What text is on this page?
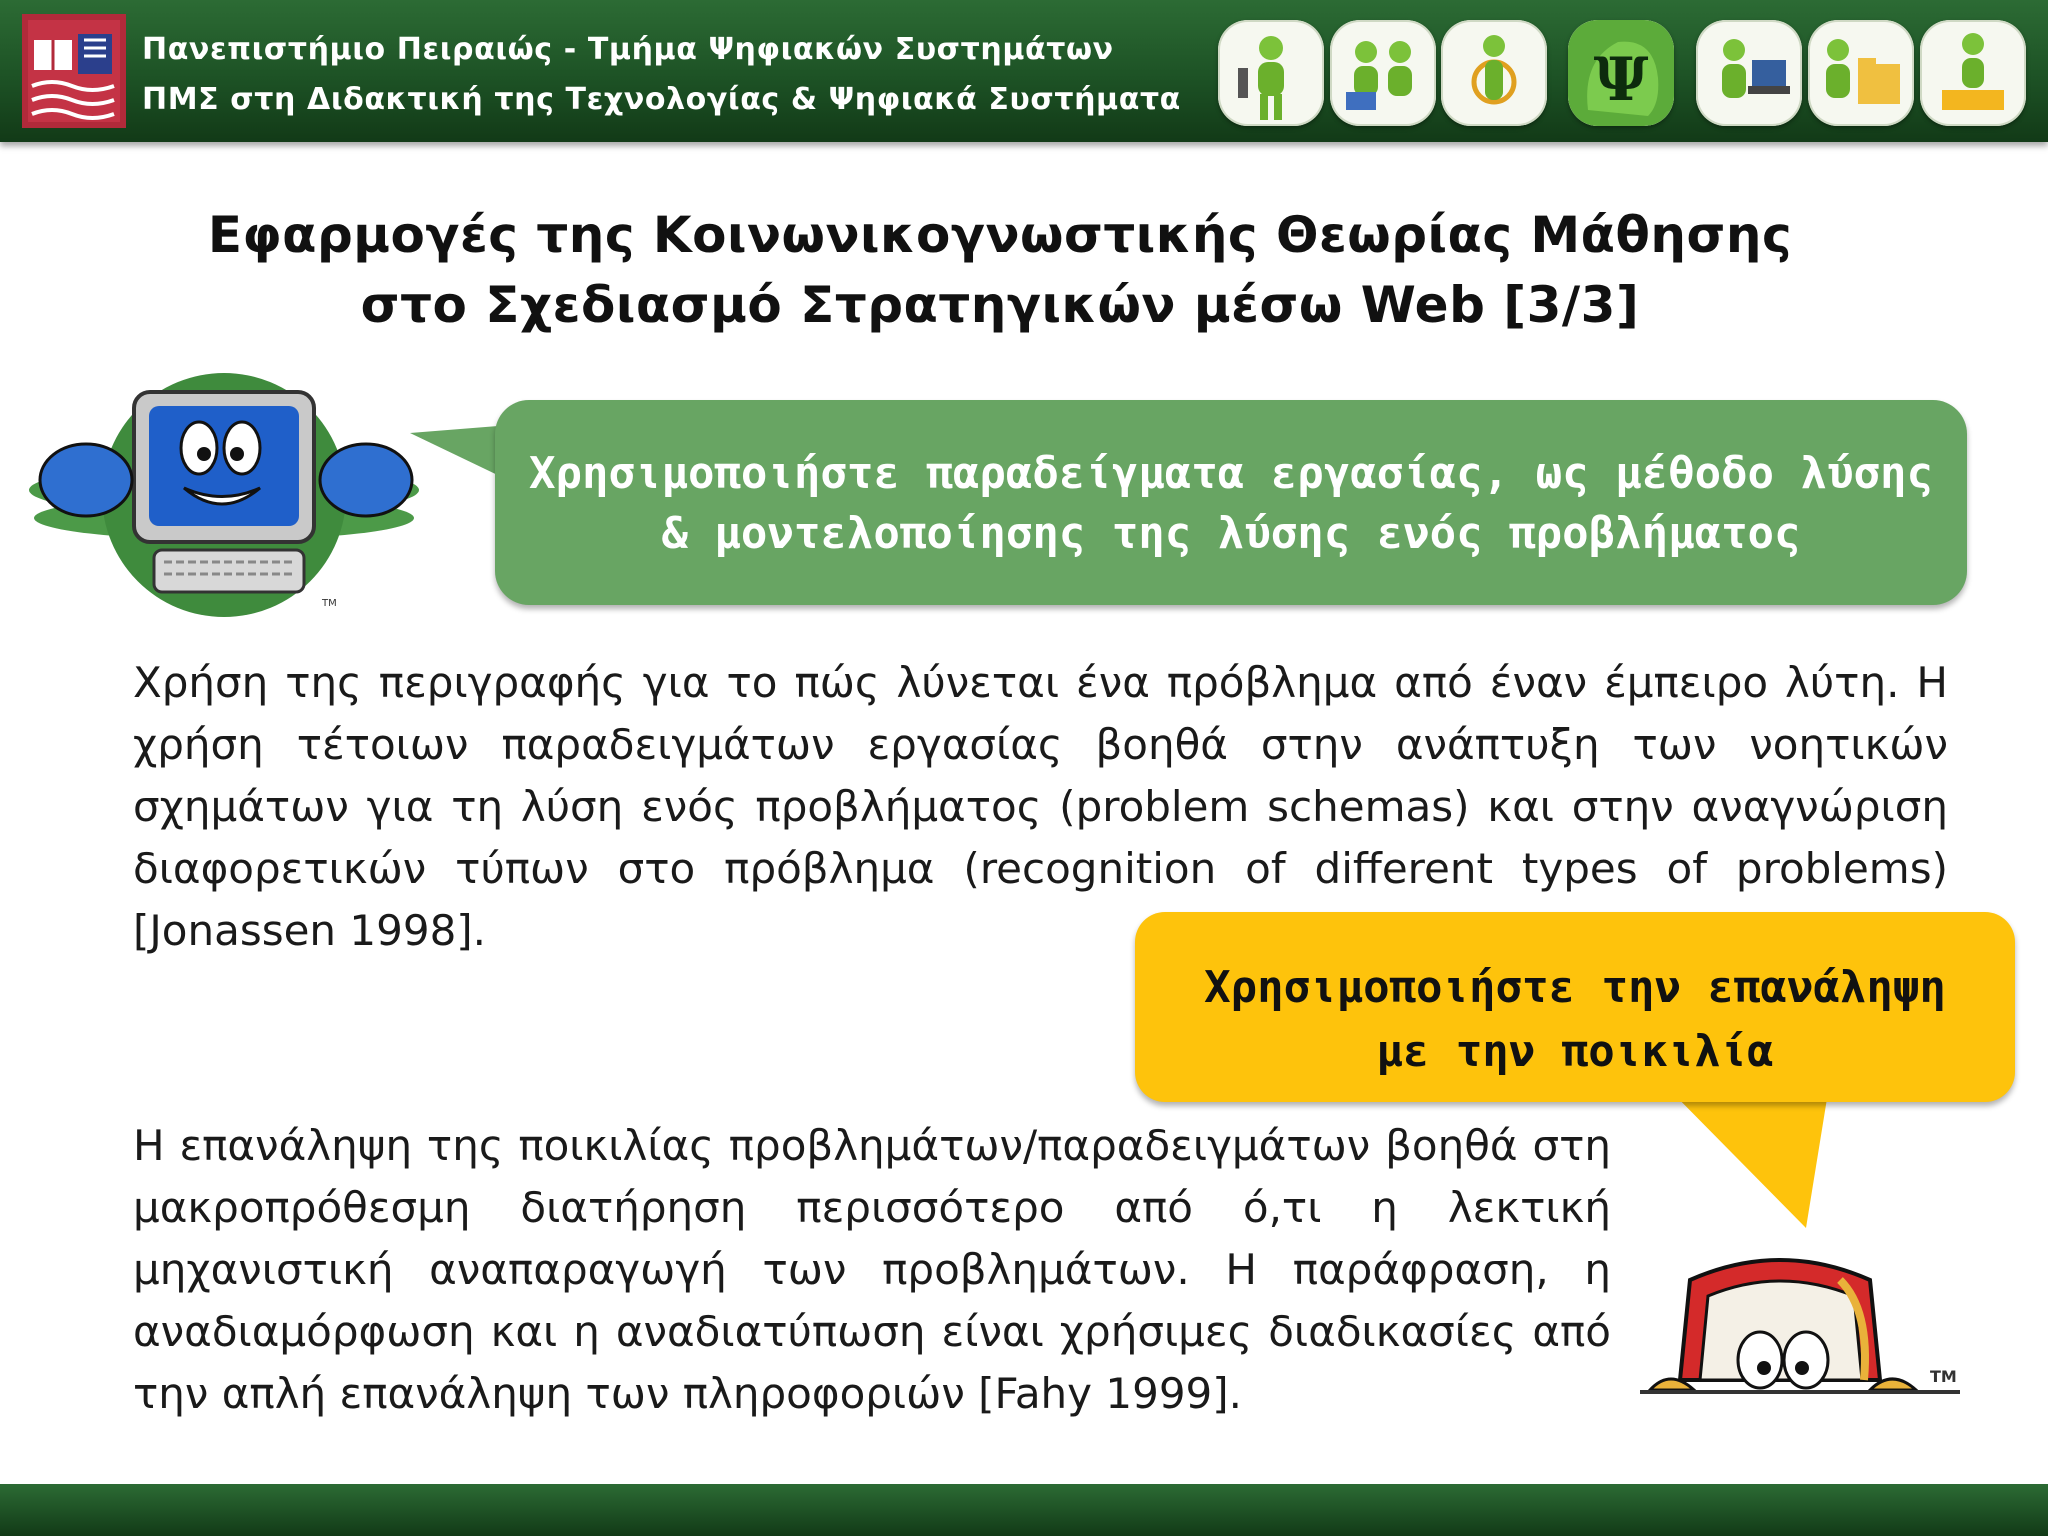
Πανεπιστήμιο Πειραιώς - Τμήμα Ψηφιακών Συστημάτων
ΠΜΣ στη Διδακτική της Τεχνολογίας & Ψηφιακά Συστήματα	Ψ
Εφαρμογές της Κοινωνικογνωστικής Θεωρίας Μάθησης
στο Σχεδιασμό Στρατηγικών μέσω Web [3/3]
TM
Χρησιμοποιήστε παραδείγματα εργασίας, ως μέθοδο λύσης
& μοντελοποίησης της λύσης ενός προβλήματος
Χρήση της περιγραφής για το πώς λύνεται ένα πρόβλημα από έναν έμπειρο λύτη. Η χρήση τέτοιων παραδειγμάτων εργασίας βοηθά στην ανάπτυξη των νοητικών σχημάτων για τη λύση ενός προβλήματος (problem schemas) και στην αναγνώριση διαφορετικών τύπων στο πρόβλημα (recognition of different types of problems) [Jonassen 1998].
Χρησιμοποιήστε την επανάληψη
με την ποικιλία
Η επανάληψη της ποικιλίας προβλημάτων/παραδειγμάτων βοηθά στη μακροπρόθεσμη διατήρηση περισσότερο από ό,τι η λεκτική μηχανιστική αναπαραγωγή των προβλημάτων. Η παράφραση, η αναδιαμόρφωση και η αναδιατύπωση είναι χρήσιμες διαδικασίες από την απλή επανάληψη των πληροφοριών [Fahy 1999].	TM
